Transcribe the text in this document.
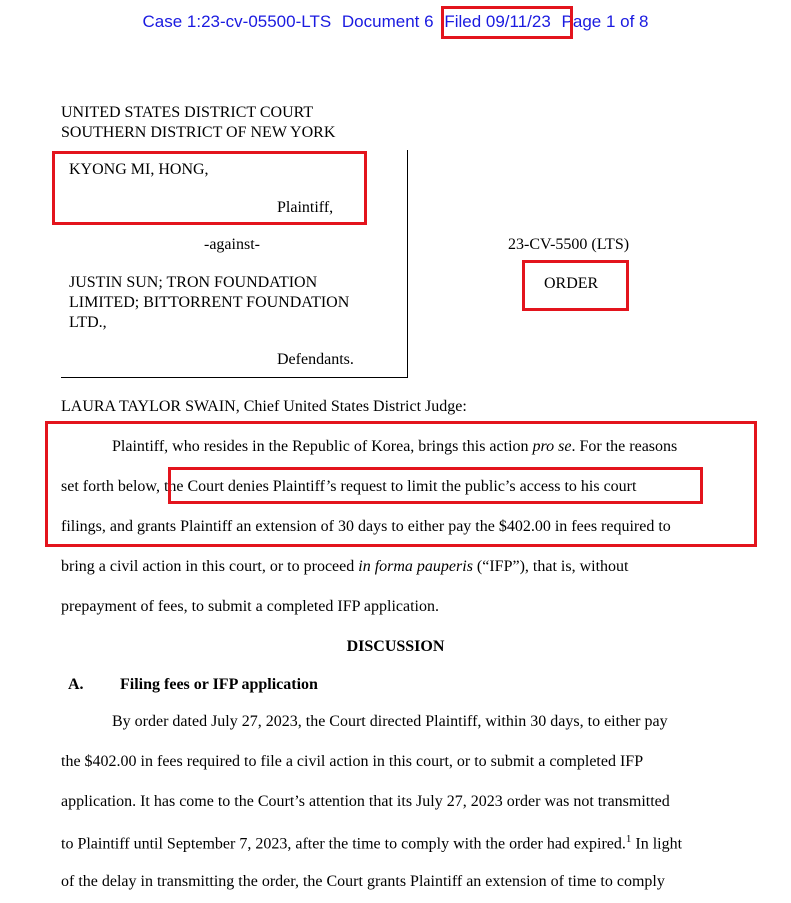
Case 1:23-cv-05500-LTS Document 6 Filed 09/11/23 Page 1 of 8
UNITED STATES DISTRICT COURT
SOUTHERN DISTRICT OF NEW YORK
KYONG MI, HONG,
Plaintiff,
-against-
JUSTIN SUN; TRON FOUNDATION
LIMITED; BITTORRENT FOUNDATION
LTD.,
Defendants.
23-CV-5500 (LTS)
ORDER
LAURA TAYLOR SWAIN, Chief United States District Judge:
Plaintiff, who resides in the Republic of Korea, brings this action pro se. For the reasons
set forth below, the Court denies Plaintiff’s request to limit the public’s access to his court
filings, and grants Plaintiff an extension of 30 days to either pay the $402.00 in fees required to
bring a civil action in this court, or to proceed in forma pauperis (“IFP”), that is, without
prepayment of fees, to submit a completed IFP application.
DISCUSSION
A. Filing fees or IFP application
By order dated July 27, 2023, the Court directed Plaintiff, within 30 days, to either pay
the $402.00 in fees required to file a civil action in this court, or to submit a completed IFP
application. It has come to the Court’s attention that its July 27, 2023 order was not transmitted
to Plaintiff until September 7, 2023, after the time to comply with the order had expired.$^1$ In light
of the delay in transmitting the order, the Court grants Plaintiff an extension of time to comply
